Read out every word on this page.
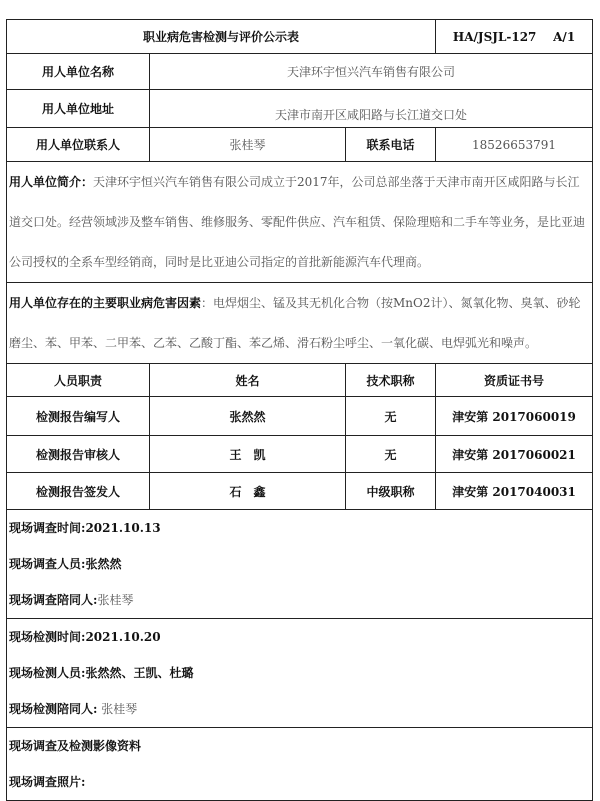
职业病危害检测与评价公示表			HA/JSJL-127    A/1
用人单位名称	天津环宇恒兴汽车销售有限公司		
用人单位地址	天津市南开区咸阳路与长江道交口处		
用人单位联系人	张桂琴	联系电话	18526653791
用人单位简介：天津环宇恒兴汽车销售有限公司成立于2017年，公司总部坐落于天津市南开区咸阳路与长江道交口处。经营领域涉及整车销售、维修服务、零配件供应、汽车租赁、保险理赔和二手车等业务，是比亚迪公司授权的全系车型经销商，同时是比亚迪公司指定的首批新能源汽车代理商。			
用人单位存在的主要职业病危害因素：电焊烟尘、锰及其无机化合物（按MnO2计）、氮氧化物、臭氧、砂轮磨尘、苯、甲苯、二甲苯、乙苯、乙酸丁酯、苯乙烯、滑石粉尘呼尘、一氧化碳、电焊弧光和噪声。			
人员职责	姓名	技术职称	资质证书号
检测报告编写人	张然然	无	津安第 2017060019
检测报告审核人	王　凯	无	津安第 2017060021
检测报告签发人	石　鑫	中级职称	津安第 2017040031

现场调查时间:2021.10.13
现场调查人员:张然然
现场调查陪同人:张桂琴			

现场检测时间:2021.10.20
现场检测人员:张然然、王凯、杜璐
现场检测陪同人: 张桂琴			

现场调查及检测影像资料
现场调查照片:			
